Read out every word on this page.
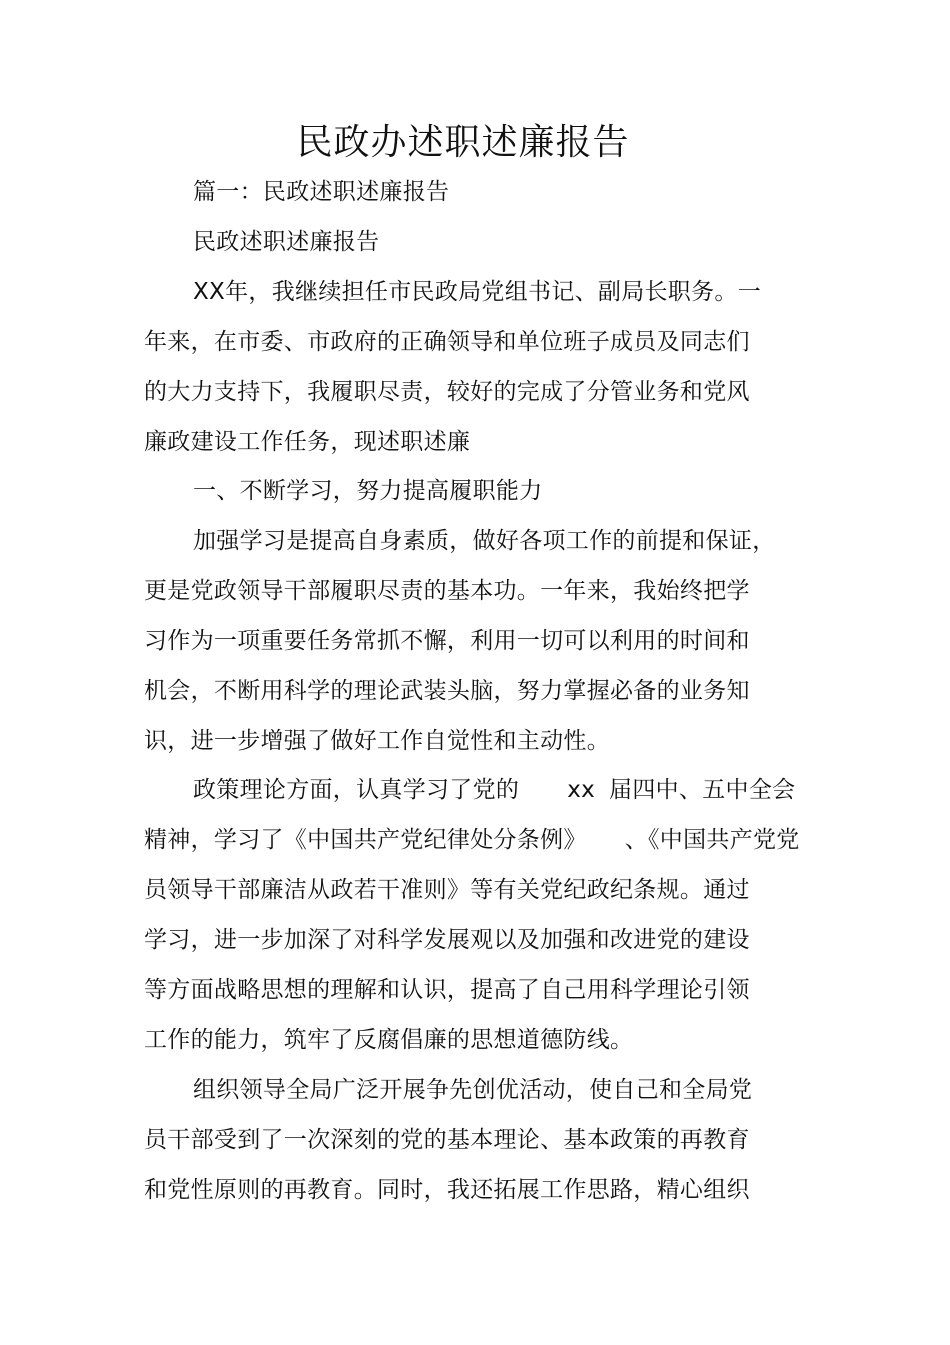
民政办述职述廉报告

篇一：民政述职述廉报告

民政述职述廉报告

XX年，我继续担任市民政局党组书记、副局长职务。一

年来，在市委、市政府的正确领导和单位班子成员及同志们

的大力支持下，我履职尽责，较好的完成了分管业务和党风

廉政建设工作任务，现述职述廉

一、不断学习，努力提高履职能力

加强学习是提高自身素质，做好各项工作的前提和保证，

更是党政领导干部履职尽责的基本功。一年来，我始终把学

习作为一项重要任务常抓不懈，利用一切可以利用的时间和

机会，不断用科学的理论武装头脑，努力掌握必备的业务知

识，进一步增强了做好工作自觉性和主动性。

政策理论方面，认真学习了党的 xx 届四中、五中全会

精神，学习了《中国共产党纪律处分条例》 、《中国共产党党

员领导干部廉洁从政若干准则》等有关党纪政纪条规。通过

学习，进一步加深了对科学发展观以及加强和改进党的建设

等方面战略思想的理解和认识，提高了自己用科学理论引领

工作的能力，筑牢了反腐倡廉的思想道德防线。

组织领导全局广泛开展争先创优活动，使自己和全局党

员干部受到了一次深刻的党的基本理论、基本政策的再教育

和党性原则的再教育。同时，我还拓展工作思路，精心组织
